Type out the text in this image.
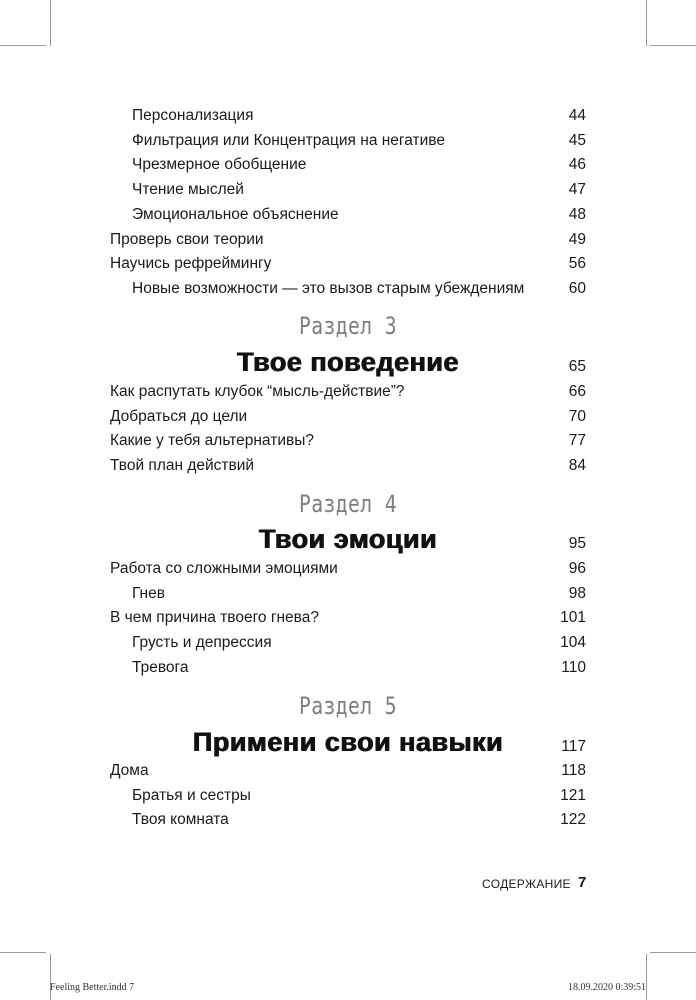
Персонализация	44
Фильтрация или Концентрация на негативе	45
Чрезмерное обобщение	46
Чтение мыслей	47
Эмоциональное объяснение	48
Проверь свои теории	49
Научись рефреймингу	56
Новые возможности — это вызов старым убеждениям	60
Раздел 3
Твое поведение	65
Как распутать клубок “мысль-действие”?	66
Добраться до цели	70
Какие у тебя альтернативы?	77
Твой план действий	84
Раздел 4
Твои эмоции	95
Работа со сложными эмоциями	96
Гнев	98
В чем причина твоего гнева?	101
Грусть и депрессия	104
Тревога	110
Раздел 5
Примени свои навыки	117
Дома	118
Братья и сестры	121
Твоя комната	122
СОДЕРЖАНИЕ 7
Feeling Better.indd 7	18.09.2020 0:39:51
